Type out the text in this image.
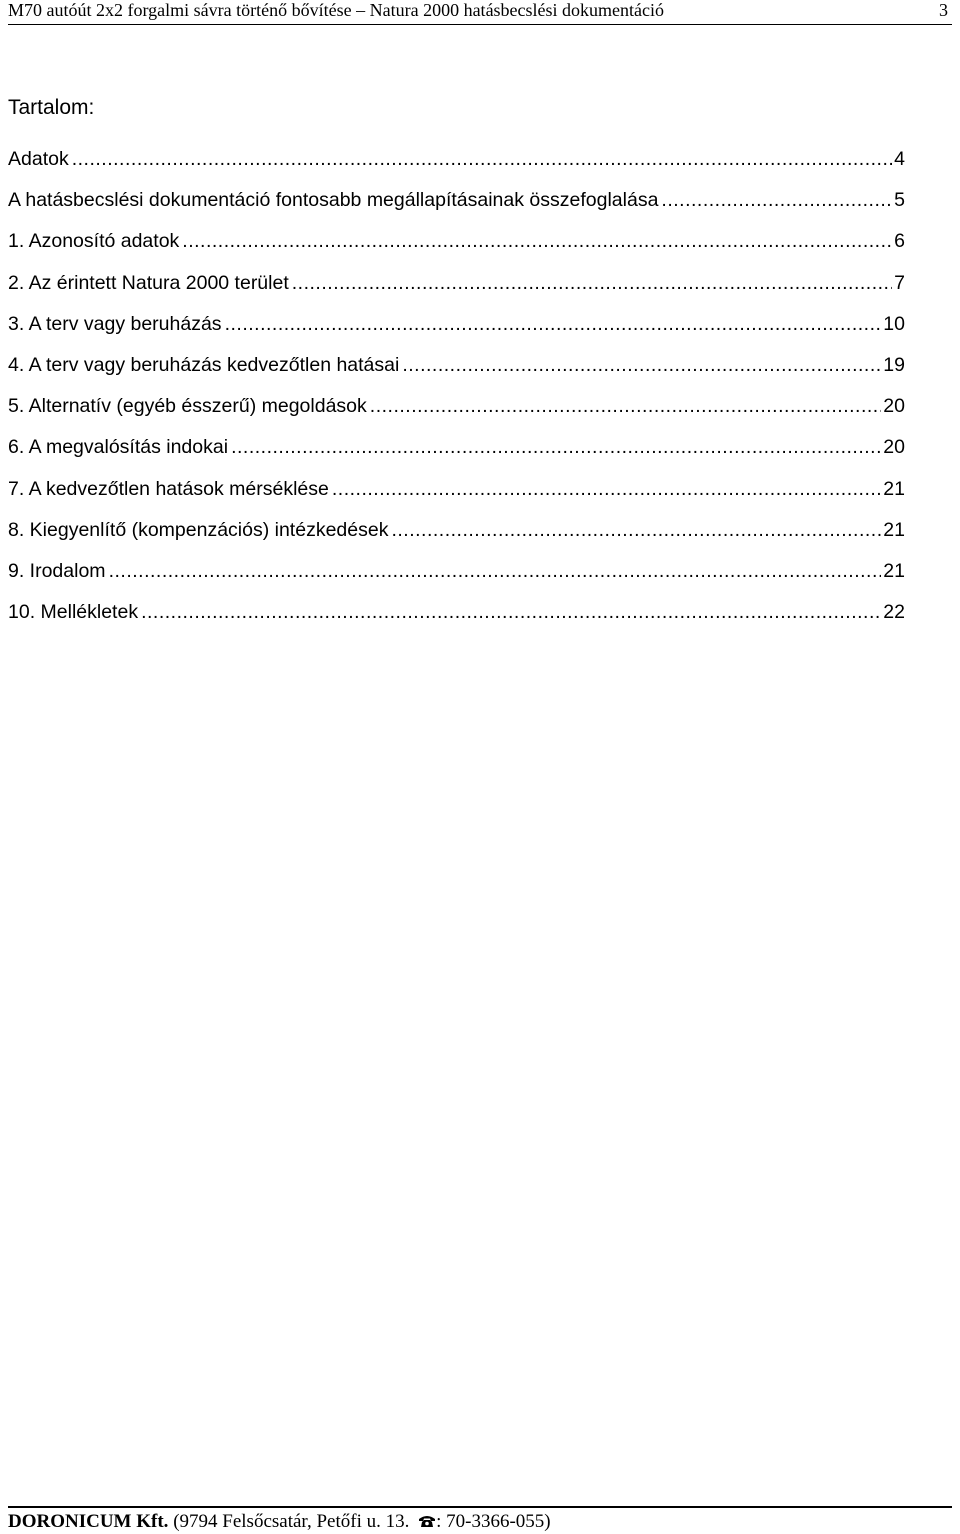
M70 autóút 2x2 forgalmi sávra történő bővítése – Natura 2000 hatásbecslési dokumentáció	3
Tartalom:
Adatok .....	4
A hatásbecslési dokumentáció fontosabb megállapításainak összefoglalása .....	5
1. Azonosító adatok .....	6
2. Az érintett Natura 2000 terület .....	7
3. A terv vagy beruházás .....	10
4. A terv vagy beruházás kedvezőtlen hatásai .....	19
5. Alternatív (egyéb ésszerű) megoldások .....	20
6. A megvalósítás indokai .....	20
7. A kedvezőtlen hatások mérséklése .....	21
8. Kiegyenlítő (kompenzációs) intézkedések .....	21
9. Irodalom .....	21
10. Mellékletek .....	22
DORONICUM Kft. (9794 Felsőcsatár, Petőfi u. 13. : 70-3366-055)
